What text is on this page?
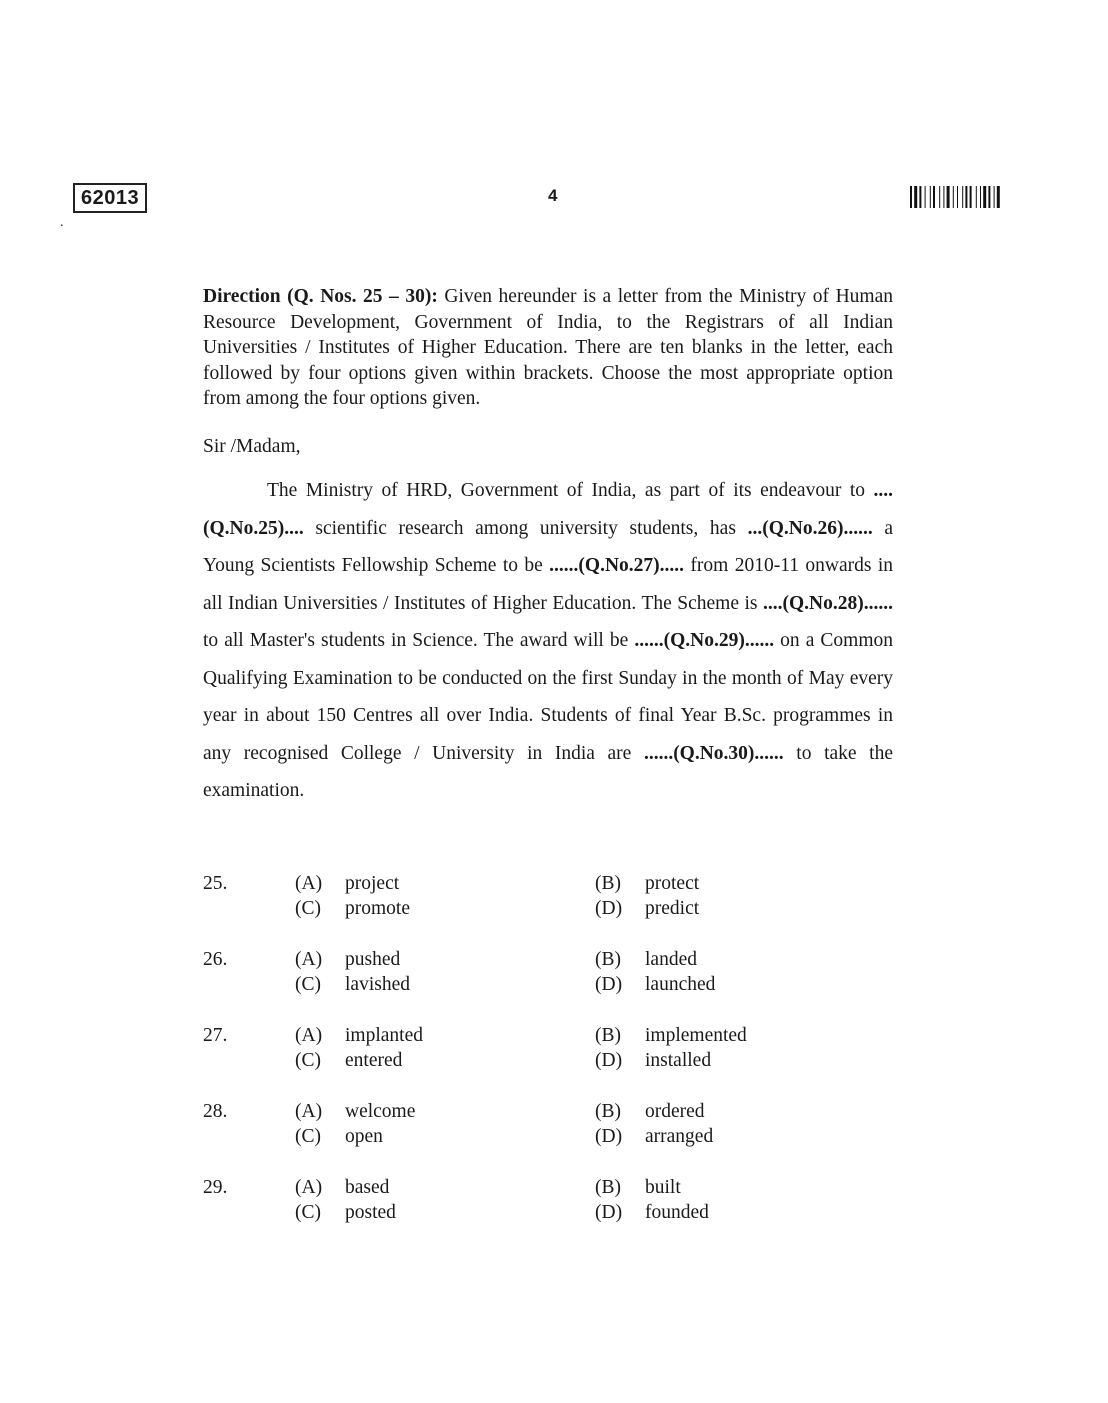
62013
.
4
Direction (Q. Nos. 25 – 30): Given hereunder is a letter from the Ministry of Human Resource Development, Government of India, to the Registrars of all Indian Universities / Institutes of Higher Education. There are ten blanks in the letter, each followed by four options given within brackets. Choose the most appropriate option from among the four options given.
Sir /Madam,

The Ministry of HRD, Government of India, as part of its endeavour to ....(Q.No.25).... scientific research among university students, has ...(Q.No.26)...... a Young Scientists Fellowship Scheme to be ......(Q.No.27)..... from 2010-11 onwards in all Indian Universities / Institutes of Higher Education. The Scheme is ....(Q.No.28)...... to all Master's students in Science. The award will be ......(Q.No.29)...... on a Common Qualifying Examination to be conducted on the first Sunday in the month of May every year in about 150 Centres all over India. Students of final Year B.Sc. programmes in any recognised College / University in India are ......(Q.No.30)...... to take the examination.

25.	(A) project	(B) protect
(C) promote	(D) predict
26.	(A) pushed	(B) landed
(C) lavished	(D) launched
27.	(A) implanted	(B) implemented
(C) entered	(D) installed
28.	(A) welcome	(B) ordered
(C) open	(D) arranged
29.	(A) based	(B) built
(C) posted	(D) founded
